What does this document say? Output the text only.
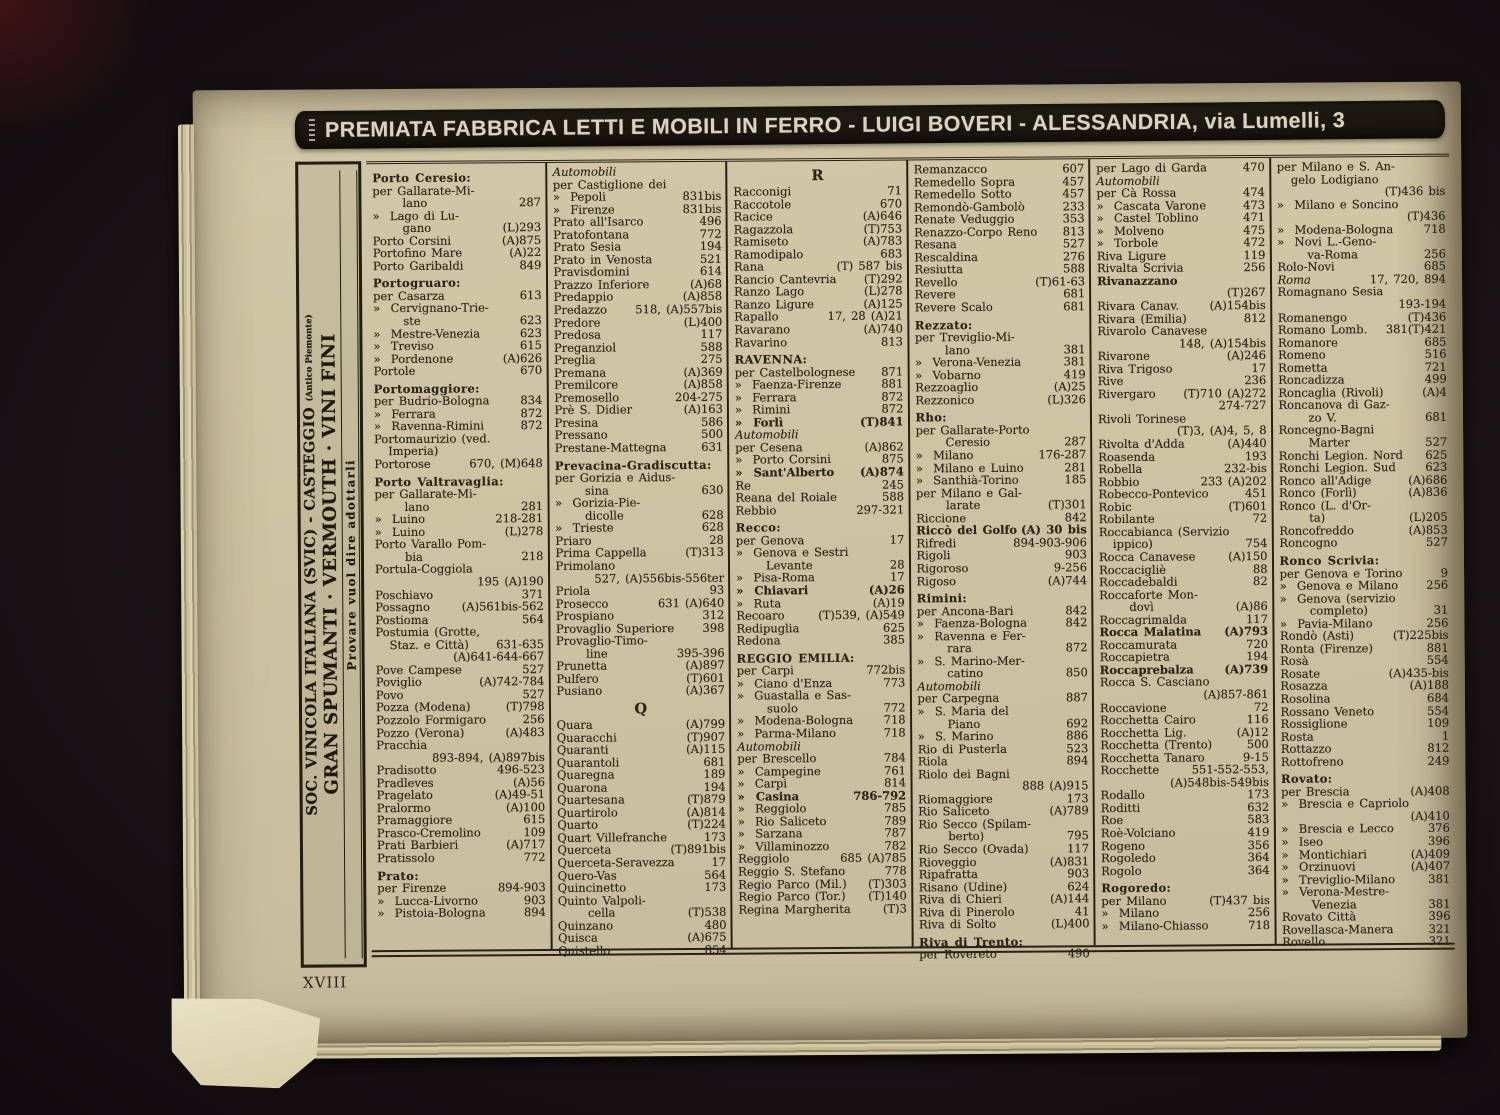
PREMIATA FABBRICA LETTI E MOBILI IN FERRO - LUIGI BOVERI - ALESSANDRIA, via Lumelli, 3
SOC. VINICOLA ITALIANA (SVIC) - CASTEGGIO (Antico Piemonte) GRAN SPUMANTI · VERMOUTH · VINI FINI Provare vuol dire adottarli
Porto Ceresio:
per Gallarate-Mi-
lano	287
»  Lago di Lu-
gano	(L)293
Porto Corsini	(A)875
Portofino Mare	(A)22
Porto Garibaldi	849
Portogruaro:
per Casarza	613
»  Cervignano-Trie-
ste	623
»  Mestre-Venezia	623
»  Treviso	615
»  Pordenone	(A)626
Portole	670
Portomaggiore:
per Budrio-Bologna	834
»  Ferrara	872
»  Ravenna-Rimini	872
Portomaurizio (ved.
Imperia)
Portorose	670, (M)648
Porto Valtravaglia:
per Gallarate-Mi-
lano	281
»  Luino	218-281
»  Luino	(L)278
Porto Varallo Pom-
bia	218
Portula-Coggiola
195 (A)190
Poschiavo	371
Possagno	(A)561bis-562
Postioma	564
Postumia (Grotte,
Staz. e Città) 631-635
(A)641-644-667
Pove Campese	527
Poviglio	(A)742-784
Povo	527
Pozza (Modena)	(T)798
Pozzolo Formigaro	256
Pozzo (Verona)	(A)483
Pracchia
893-894, (A)897bis
Pradisotto	496-523
Pradleves	(A)56
Pragelato	(A)49-51
Pralormo	(A)100
Pramaggiore	615
Prasco-Cremolino	109
Prati Barbieri	(A)717
Pratissolo	772
Prato:
per Firenze	894-903
»  Lucca-Livorno	903
»  Pistoia-Bologna	894
Automobili
per Castiglione dei
»  Pepoli	831bis
»  Firenze	831bis
Prato all'Isarco	496
Pratofontana	772
Prato Sesia	194
Prato in Venosta	521
Pravisdomini	614
Prazzo Inferiore	(A)68
Predappio	(A)858
Predazzo 518, (A)557bis
Predore	(L)400
Predosa	117
Preganziol	588
Preglia	275
Premana	(A)369
Premilcore	(A)858
Premosello	204-275
Prè S. Didier	(A)163
Presina	586
Pressano	500
Prestane-Mattegna	631
Prevacina-Gradiscutta:
per Gorizia e Aidus-
sina	630
»  Gorizia-Pie-
dicolle	628
»  Trieste	628
Priaro	28
Prima Cappella	(T)313
Primolano
527, (A)556bis-556ter
Priola	93
Prosecco	631 (A)640
Prospiano	312
Provaglio Superiore 398
Provaglio-Timo-
line	395-396
Prunetta	(A)897
Pulfero	(T)601
Pusiano	(A)367
Q
Quara	(A)799
Quaracchi	(T)907
Quaranti	(A)115
Quarantoli	681
Quaregna	189
Quarona	194
Quartesana	(T)879
Quartirolo	(A)814
Quarto	(T)224
Quart Villefranche	173
Querceta	(T)891bis
Querceta-Seravezza	17
Quero-Vas	564
Quincinetto	173
Quinto Valpoli-
cella	(T)538
Quinzano	480
Quisca	(A)675
Quistello	854
R
Racconigi	71
Raccotole	670
Racice	(A)646
Ragazzola	(T)753
Ramiseto	(A)783
Ramodipalo	683
Rana	(T) 587 bis
Rancio Cantevria (T)292
Ranzo Lago	(L)278
Ranzo Ligure	(A)125
Rapallo	17, 28 (A)21
Ravarano	(A)740
Ravarino	813
RAVENNA:
per Castelbolognese 871
»  Faenza-Firenze	881
»  Ferrara	872
»  Rimini	872
»  Forlì	(T)841
Automobili
per Cesena	(A)862
»  Porto Corsini	875
»  Sant'Alberto (A)874
Re	245
Reana del Roiale	588
Rebbio	297-321
Recco:
per Genova	17
»  Genova e Sestri
Levante	28
»  Pisa-Roma	17
»  Chiavari	(A)26
»  Ruta	(A)19
Recoaro	(T)539, (A)549
Redipuglia	625
Redona	385
REGGIO EMILIA:
per Carpi	772bis
»  Ciano d'Enza	773
»  Guastalla e Sas-
suolo	772
»  Modena-Bologna	718
»  Parma-Milano	718
Automobili
per Brescello	784
»  Campegine	761
»  Carpi	814
»  Casina	786-792
»  Reggiolo	785
»  Rio Saliceto	789
»  Sarzana	787
»  Villaminozzo	782
Reggiolo	685 (A)785
Reggio S. Stefano	778
Regio Parco (Mil.) (T)303
Regio Parco (Tor.) (T)140
Regina Margherita	(T)3
Remanzacco	607
Remedello Sopra	457
Remedello Sotto	457
Remondò-Gambolò	233
Renate Veduggio	353
Renazzo-Corpo Reno 813
Resana	527
Rescaldina	276
Resiutta	588
Revello	(T)61-63
Revere	681
Revere Scalo	681
Rezzato:
per Treviglio-Mi-
lano	381
»  Verona-Venezia	381
»  Vobarno	419
Rezzoaglio	(A)25
Rezzonico	(L)326
Rho:
per Gallarate-Porto
Ceresio	287
»  Milano	176-287
»  Milano e Luino	281
»  Santhià-Torino	185
per Milano e Gal-
larate	(T)301
Riccione	842
Riccò del Golfo (A) 30 bis
Rifredi	894-903-906
Rigoli	903
Rigoroso	9-256
Rigoso	(A)744
Rimini:
per Ancona-Bari	842
»  Faenza-Bologna	842
»  Ravenna e Fer-
rara	872
»  S. Marino-Mer-
catino	850
Automobili
per Carpegna	887
»  S. Maria del
Piano	692
»  S. Marino	886
Rio di Pusterla	523
Riola	894
Riolo dei Bagni
888 (A)915
Riomaggiore	173
Rio Saliceto	(A)789
Rio Secco (Spilam-
berto)	795
Rio Secco (Ovada)	117
Rioveggio	(A)831
Ripafratta	903
Risano (Udine)	624
Riva di Chieri	(A)144
Riva di Pinerolo	41
Riva di Solto	(L)400
Riva di Trento:
per Rovereto	490
per Lago di Garda	470
Automobili
per Cà Rossa	474
»  Cascata Varone	473
»  Castel Toblino	471
»  Molveno	475
»  Torbole	472
Riva Ligure	119
Rivalta Scrivia	256
Rivanazzano
(T)267
Rivara Canav.	(A)154bis
Rivara (Emilia)	812
Rivarolo Canavese
148, (A)154bis
Rivarone	(A)246
Riva Trigoso	17
Rive	236
Rivergaro (T)710 (A)272
274-727
Rivoli Torinese
(T)3, (A)4, 5, 8
Rivolta d'Adda	(A)440
Roasenda	193
Robella	232-bis
Robbio	233 (A)202
Robecco-Pontevico	451
Robic	(T)601
Robilante	72
Roccabianca (Servizio
ippico)	754
Rocca Canavese	(A)150
Roccacigliè	88
Roccadebaldi	82
Roccaforte Mon-
dovì	(A)86
Roccagrimalda	117
Rocca Malatina (A)793
Roccamurata	720
Roccapietra	194
Roccaprebalza	(A)739
Rocca S. Casciano
(A)857-861
Roccavione	72
Rocchetta Cairo	116
Rocchetta Lig.	(A)12
Rocchetta (Trento)	500
Rocchetta Tanaro	9-15
Rocchette	551-552-553,
(A)548bis-549bis
Rodallo	173
Roditti	632
Roe	583
Roè-Volciano	419
Rogeno	356
Rogoledo	364
Rogolo	364
Rogoredo:
per Milano	(T)437 bis
»  Milano	256
»  Milano-Chiasso	718
per Milano e S. An-
gelo Lodigiano
(T)436 bis
»  Milano e Soncino
(T)436
»  Modena-Bologna	718
»  Novi L.-Geno-
va-Roma	256
Rolo-Novi	685
Roma	17, 720, 894
Romagnano Sesia
193-194
Romanengo	(T)436
Romano Lomb. 381(T)421
Romanore	685
Romeno	516
Rometta	721
Roncadizza	499
Roncaglia (Rivoli)	(A)4
Roncanova di Gaz-
zo V.	681
Roncegno-Bagni
Marter	527
Ronchi Legion. Nord 625
Ronchi Legion. Sud	623
Ronco all'Adige	(A)686
Ronco (Forlì)	(A)836
Ronco (L. d'Or-
ta)	(L)205
Roncofreddo	(A)853
Roncogno	527
Ronco Scrivia:
per Genova e Torino	9
»  Genova e Milano 256
»  Genova (servizio
completo)	31
»  Pavia-Milano	256
Rondò (Asti)	(T)225bis
Ronta (Firenze)	881
Rosà	554
Rosate	(A)435-bis
Rosazza	(A)188
Rosolina	684
Rossano Veneto	554
Rossiglione	109
Rosta	1
Rottazzo	812
Rottofreno	249
Rovato:
per Brescia	(A)408
»  Brescia e Capriolo
(A)410
»  Brescia e Lecco	376
»  Iseo	396
»  Montichiari	(A)409
»  Orzinuovi	(A)407
»  Treviglio-Milano	381
»  Verona-Mestre-
Venezia	381
Rovato Città	396
Rovellasca-Manera	321
Rovello	321
XVIII
